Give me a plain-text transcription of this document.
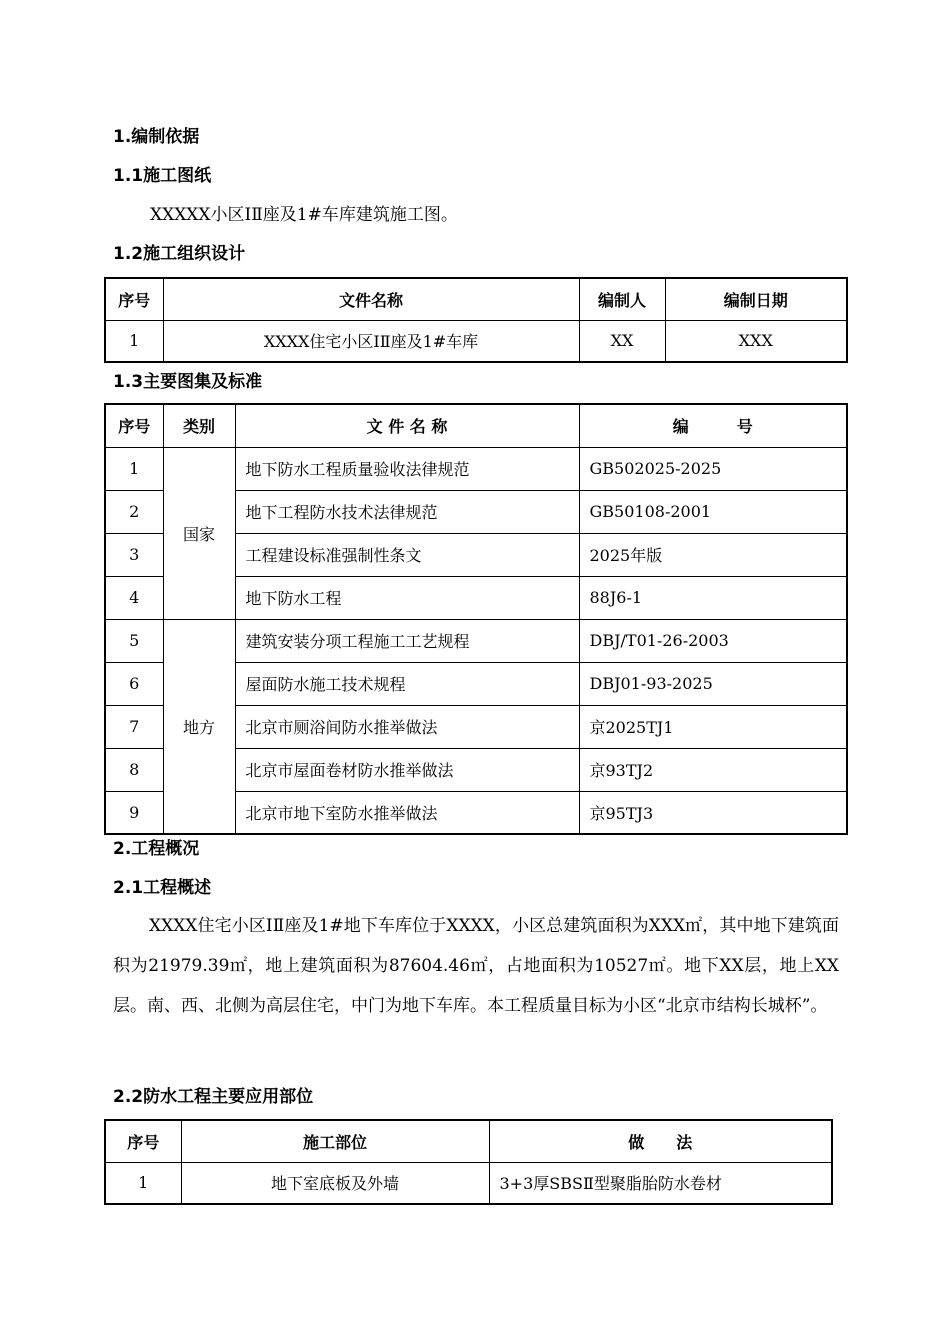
1.编制依据
1.1施工图纸
XXXXX小区ⅠⅡ座及1#车库建筑施工图。
1.2施工组织设计
序号	文件名称	编制人	编制日期
1	XXXX住宅小区ⅠⅡ座及1#车库	XX	XXX
1.3主要图集及标准
序号	类别	文 件 名 称	编　　　号
1	国家	地下防水工程质量验收法律规范	GB502025-2025
2		地下工程防水技术法律规范	GB50108-2001
3		工程建设标准强制性条文	2025年版
4		地下防水工程	88J6-1
5	地方	建筑安装分项工程施工工艺规程	DBJ/T01-26-2003
6		屋面防水施工技术规程	DBJ01-93-2025
7		北京市厕浴间防水推举做法	京2025TJ1
8		北京市屋面卷材防水推举做法	京93TJ2
9		北京市地下室防水推举做法	京95TJ3
2.工程概况
2.1工程概述
XXXX住宅小区ⅠⅡ座及1#地下车库位于XXXX，小区总建筑面积为XXX㎡，其中地下建筑面积为21979.39㎡，地上建筑面积为87604.46㎡，占地面积为10527㎡。地下XX层，地上XX层。南、西、北侧为高层住宅，中门为地下车库。本工程质量目标为小区“北京市结构长城杯”。
2.2防水工程主要应用部位
序号	施工部位	做　　法
1	地下室底板及外墙	3+3厚SBSⅡ型聚脂胎防水卷材
